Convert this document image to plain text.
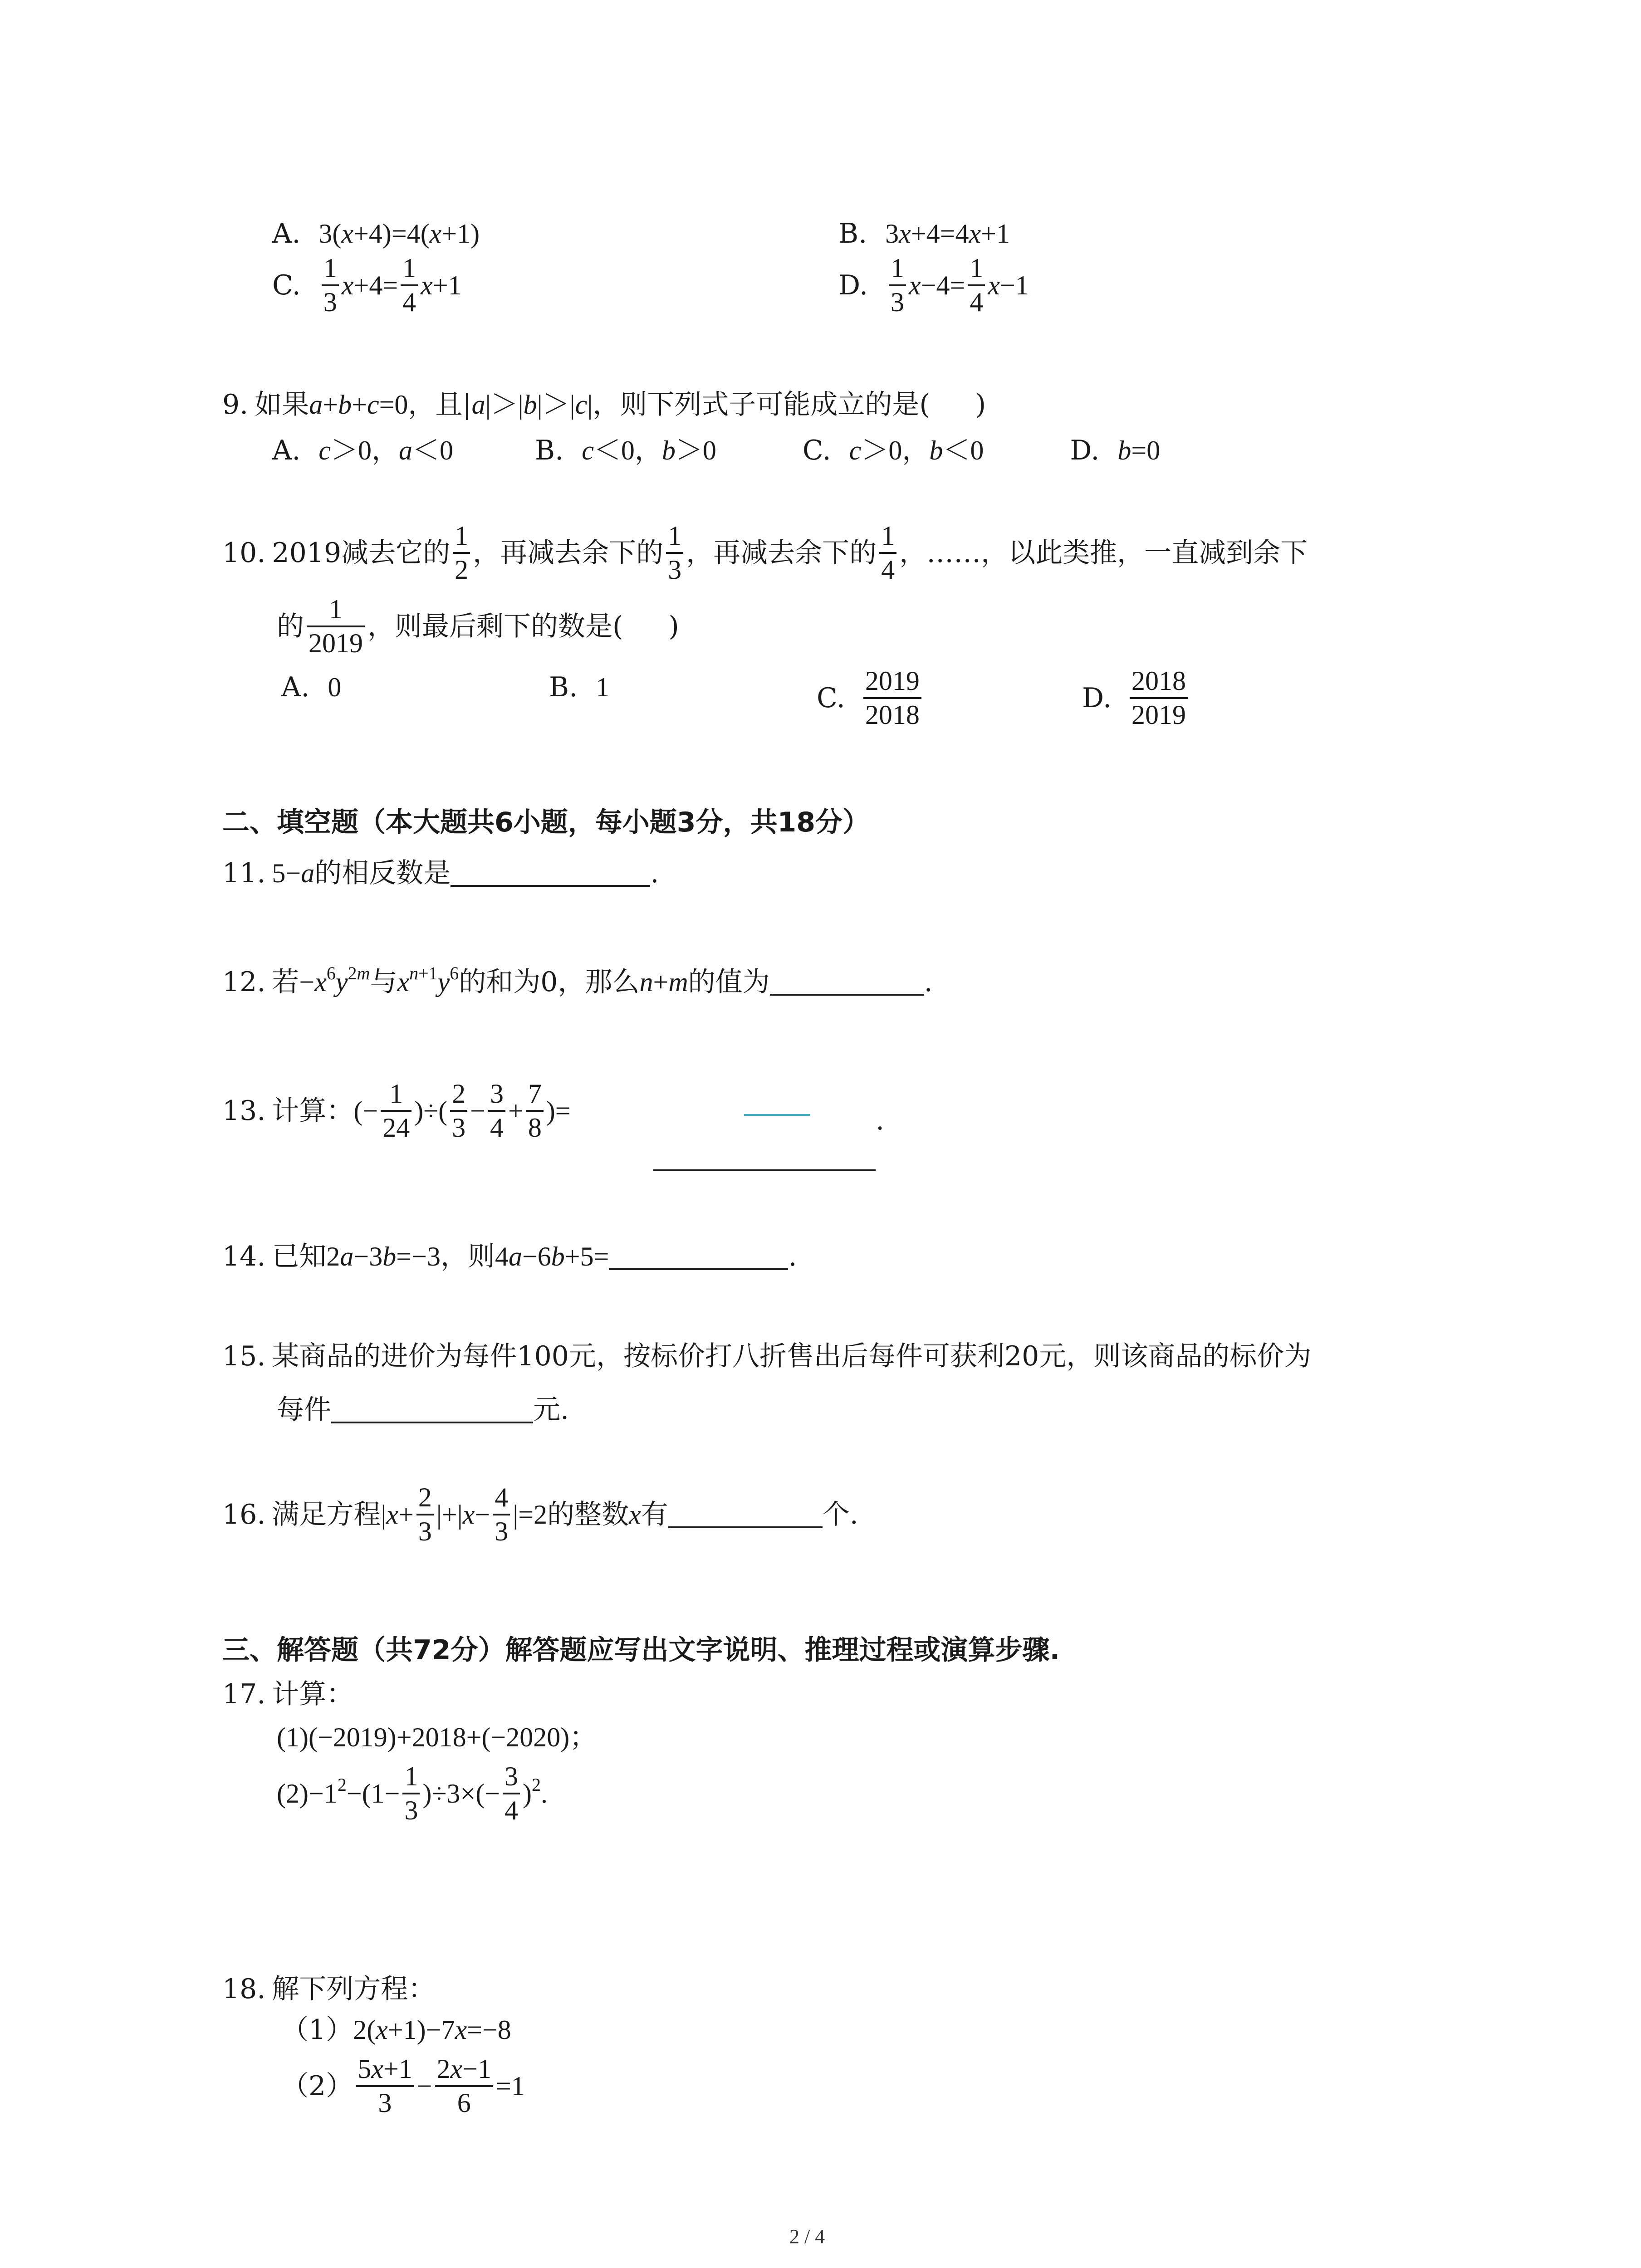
A. 3(x+4)=4(x+1)	B. 3x+4=4x+1
C. $\frac{1}{3}$ $x +4= \frac{1}{4}$ x +1	D. $\frac{1}{3}$ $x -4= \frac{1}{4}$ x −1
9. 如果 a+b+c=0 ，且| a|＞|b|＞|c|， 则下列式子可能成立的是( )
A. c＞0，a＜0	B. c＜0，b＞0	C. c＞0，b＜0	D. b=0
10. 2019减去它的 $\frac{1}{2}$ ，再减去余下的 $\frac{1}{3}$ ，再减去余下的 $\frac{1}{4}$ ，……，以此类推，一直减到余下
的 $\frac{1}{2019}$ ，则最后剩下的数是( )
A. 0	B. 1	C. $\frac{2019}{2018}$	D. $\frac{2018}{2019}$
二、填空题（本大题共6小题，每小题3分，共18分）
11. 5−a 的相反数是	.
12. 若 $-x^6y^{2m}$ 与 $x^{n+1}y^6$ 的和为0，那么 n+m 的值为	.
13. 计算： (− $\frac{1}{24}$ )÷( $\frac{2}{3} - \frac{3}{4} + \frac{7}{8}$ )=	.
14. 已知 2a−3b=−3 ，则 4a−6b+5=	.
15. 某商品的进价为每件100元，按标价打八折售出后每件可获利20元，则该商品的标价为
每件	元.
16. 满足方程 $|x+ \frac{2}{3} |+|x- \frac{4}{3} |=2$ 的整数 x 有	个.
三、解答题（共72分）解答题应写出文字说明、推理过程或演算步骤.
17. 计算：
(1)(−2019)+2018+(−2020)；
$(2)-1^2-(1- \frac{1}{3} )\div 3\times(- \frac{3}{4} )^2$.
18. 解下列方程：
（1） 2(x+1)−7x=−8
$(2) \frac{5x+1}{3} - \frac{2x-1}{6} =1$
2 / 4
